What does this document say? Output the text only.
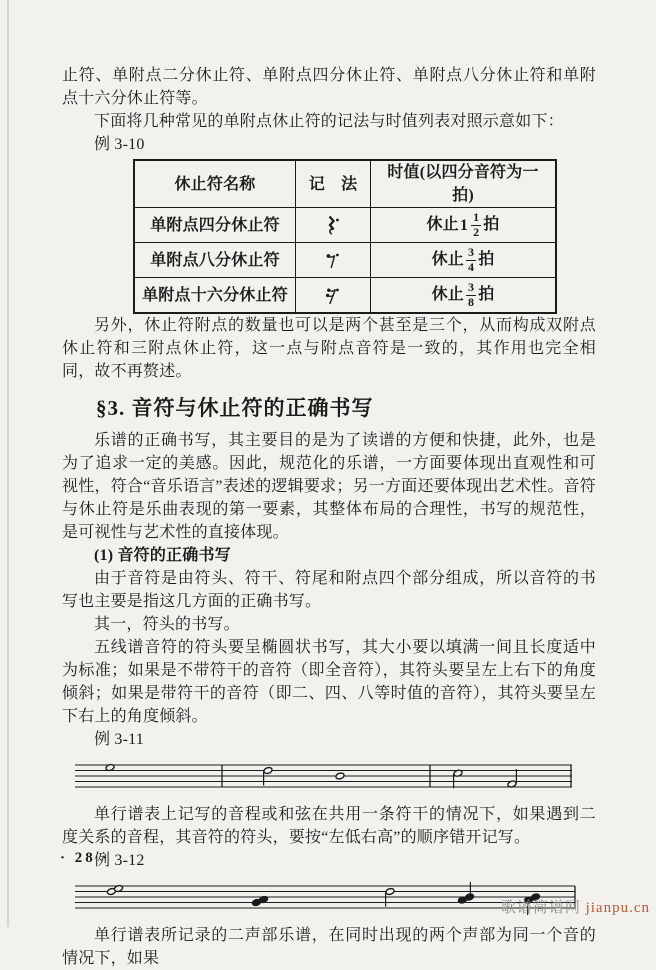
止符、单附点二分休止符、单附点四分休止符、单附点八分休止符和单附点十六分休止符等。

下面将几种常见的单附点休止符的记法与时值列表对照示意如下：

例 3-10

休止符名称	记　法	时值(以四分音符为一拍)
单附点四分休止符		休止$1 \frac{1}{2}$ 拍
单附点八分休止符		休止 $\frac{3}{4}$ 拍
单附点十六分休止符		休止 $\frac{3}{8}$ 拍

另外，休止符附点的数量也可以是两个甚至是三个，从而构成双附点休止符和三附点休止符，这一点与附点音符是一致的，其作用也完全相同，故不再赘述。

§3. 音符与休止符的正确书写

乐谱的正确书写，其主要目的是为了读谱的方便和快捷，此外，也是为了追求一定的美感。因此，规范化的乐谱，一方面要体现出直观性和可视性，符合“音乐语言”表述的逻辑要求；另一方面还要体现出艺术性。音符与休止符是乐曲表现的第一要素，其整体布局的合理性，书写的规范性，是可视性与艺术性的直接体现。

(1) 音符的正确书写

由于音符是由符头、符干、符尾和附点四个部分组成，所以音符的书写也主要是指这几方面的正确书写。

其一，符头的书写。

五线谱音符的符头要呈椭圆状书写，其大小要以填满一间且长度适中为标准；如果是不带符干的音符（即全音符），其符头要呈左上右下的角度倾斜；如果是带符干的音符（即二、四、八等时值的音符），其符头要呈左下右上的角度倾斜。

例 3-11

单行谱表上记写的音程或和弦在共用一条符干的情况下，如果遇到二度关系的音程，其音符的符头，要按“左低右高”的顺序错开记写。

例 3-12

单行谱表所记录的二声部乐谱，在同时出现的两个声部为同一个音的情况下，如果

· 28 ·
歌谱简谱网 jianpu.cn
